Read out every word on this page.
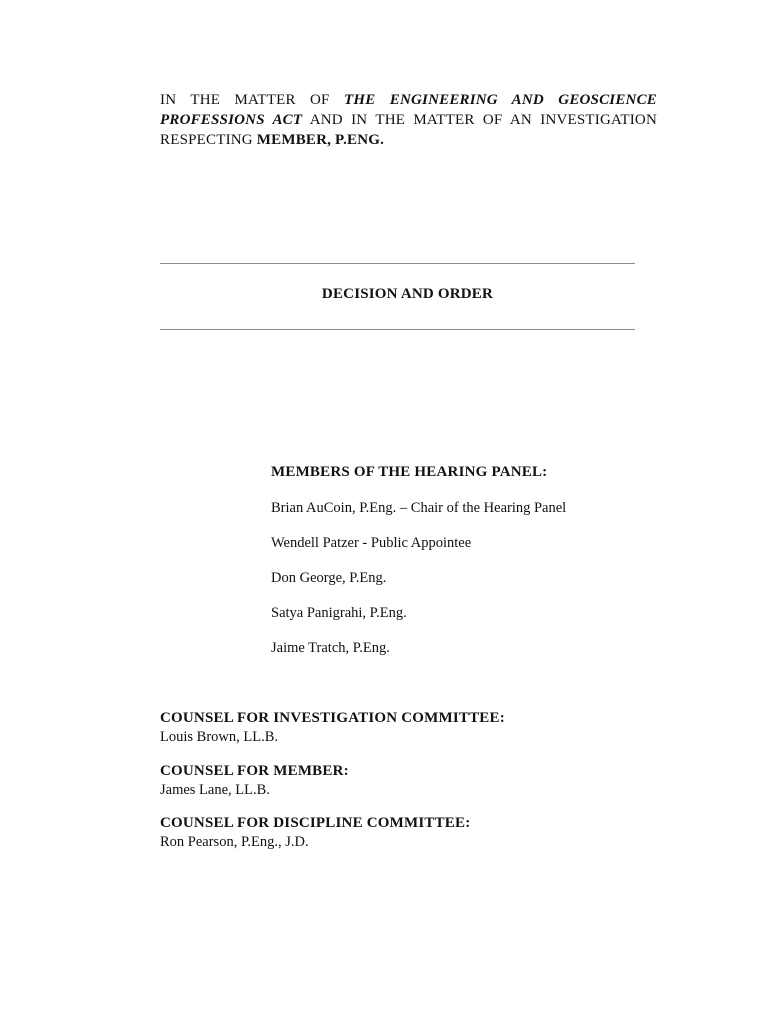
IN THE MATTER OF THE ENGINEERING AND GEOSCIENCE PROFESSIONS ACT AND IN THE MATTER OF AN INVESTIGATION RESPECTING MEMBER, P.ENG.
DECISION AND ORDER
MEMBERS OF THE HEARING PANEL:
Brian AuCoin, P.Eng. – Chair of the Hearing Panel
Wendell Patzer - Public Appointee
Don George, P.Eng.
Satya Panigrahi, P.Eng.
Jaime Tratch, P.Eng.
COUNSEL FOR INVESTIGATION COMMITTEE:
Louis Brown, LL.B.
COUNSEL FOR MEMBER:
James Lane, LL.B.
COUNSEL FOR DISCIPLINE COMMITTEE:
Ron Pearson, P.Eng., J.D.
